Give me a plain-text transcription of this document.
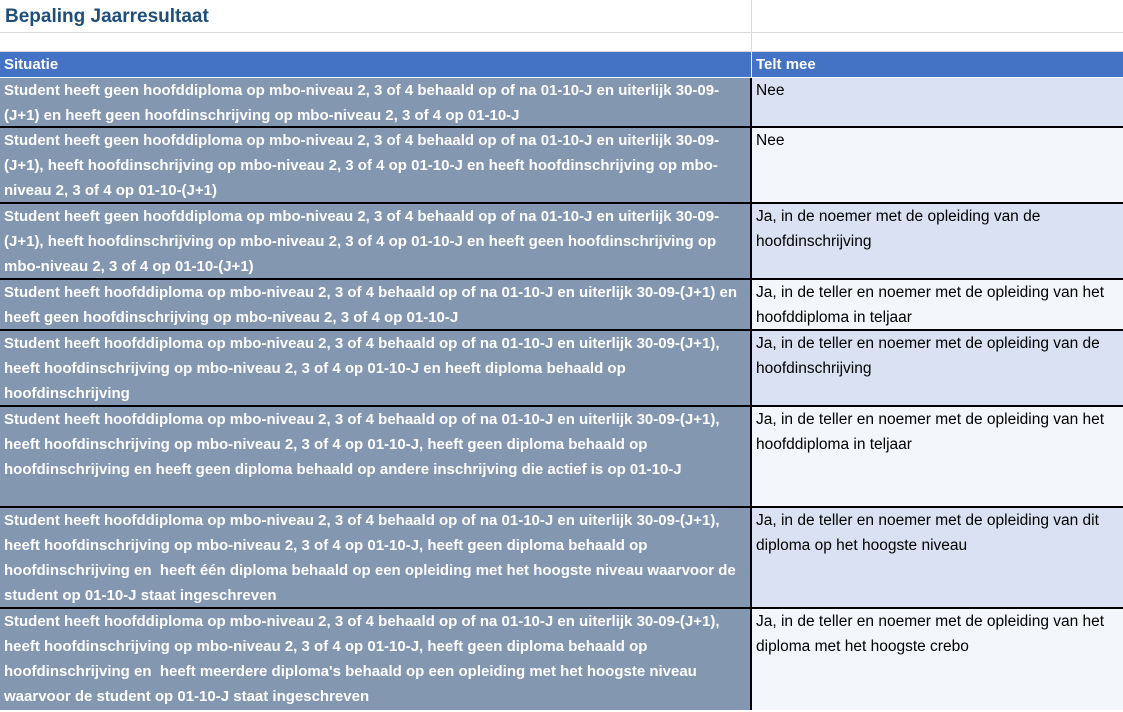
Bepaling Jaarresultaat
Situatie	Telt mee
Student heeft geen hoofddiploma op mbo-niveau 2, 3 of 4 behaald op of na 01-10-J en uiterlijk 30-09-(J+1) en heeft geen hoofdinschrijving op mbo-niveau 2, 3 of 4 op 01-10-J
Nee
Student heeft geen hoofddiploma op mbo-niveau 2, 3 of 4 behaald op of na 01-10-J en uiterlijk 30-09-(J+1), heeft hoofdinschrijving op mbo-niveau 2, 3 of 4 op 01-10-J en heeft hoofdinschrijving op mbo-niveau 2, 3 of 4 op 01-10-(J+1)
Nee
Student heeft geen hoofddiploma op mbo-niveau 2, 3 of 4 behaald op of na 01-10-J en uiterlijk 30-09-(J+1), heeft hoofdinschrijving op mbo-niveau 2, 3 of 4 op 01-10-J en heeft geen hoofdinschrijving op mbo-niveau 2, 3 of 4 op 01-10-(J+1)
Ja, in de noemer met de opleiding van de hoofdinschrijving
Student heeft hoofddiploma op mbo-niveau 2, 3 of 4 behaald op of na 01-10-J en uiterlijk 30-09-(J+1) en heeft geen hoofdinschrijving op mbo-niveau 2, 3 of 4 op 01-10-J
Ja, in de teller en noemer met de opleiding van het hoofddiploma in teljaar
Student heeft hoofddiploma op mbo-niveau 2, 3 of 4 behaald op of na 01-10-J en uiterlijk 30-09-(J+1), heeft hoofdinschrijving op mbo-niveau 2, 3 of 4 op 01-10-J en heeft diploma behaald op hoofdinschrijving
Ja, in de teller en noemer met de opleiding van de hoofdinschrijving
Student heeft hoofddiploma op mbo-niveau 2, 3 of 4 behaald op of na 01-10-J en uiterlijk 30-09-(J+1), heeft hoofdinschrijving op mbo-niveau 2, 3 of 4 op 01-10-J, heeft geen diploma behaald op hoofdinschrijving en heeft geen diploma behaald op andere inschrijving die actief is op 01-10-J
Ja, in de teller en noemer met de opleiding van het hoofddiploma in teljaar
Student heeft hoofddiploma op mbo-niveau 2, 3 of 4 behaald op of na 01-10-J en uiterlijk 30-09-(J+1), heeft hoofdinschrijving op mbo-niveau 2, 3 of 4 op 01-10-J, heeft geen diploma behaald op hoofdinschrijving en  heeft één diploma behaald op een opleiding met het hoogste niveau waarvoor de student op 01-10-J staat ingeschreven
Ja, in de teller en noemer met de opleiding van dit diploma op het hoogste niveau
Student heeft hoofddiploma op mbo-niveau 2, 3 of 4 behaald op of na 01-10-J en uiterlijk 30-09-(J+1), heeft hoofdinschrijving op mbo-niveau 2, 3 of 4 op 01-10-J, heeft geen diploma behaald op hoofdinschrijving en  heeft meerdere diploma's behaald op een opleiding met het hoogste niveau waarvoor de student op 01-10-J staat ingeschreven
Ja, in de teller en noemer met de opleiding van het diploma met het hoogste crebo
